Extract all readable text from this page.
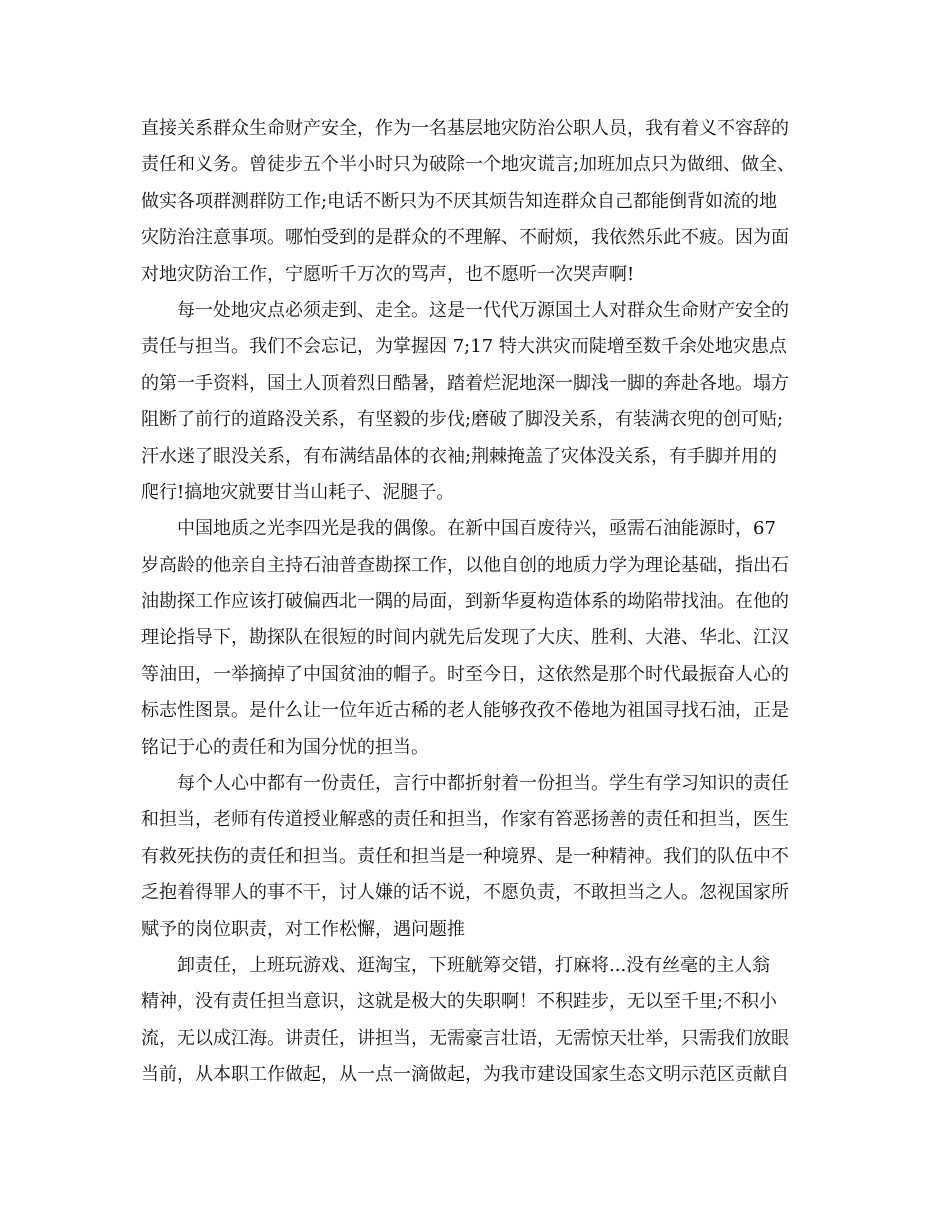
直接关系群众生命财产安全，作为一名基层地灾防治公职人员，我有着义不容辞的
责任和义务。曾徒步五个半小时只为破除一个地灾谎言;加班加点只为做细、做全、
做实各项群测群防工作;电话不断只为不厌其烦告知连群众自己都能倒背如流的地
灾防治注意事项。哪怕受到的是群众的不理解、不耐烦，我依然乐此不疲。因为面
对地灾防治工作，宁愿听千万次的骂声，也不愿听一次哭声啊!
每一处地灾点必须走到、走全。这是一代代万源国土人对群众生命财产安全的
责任与担当。我们不会忘记，为掌握因 7;17 特大洪灾而陡增至数千余处地灾患点
的第一手资料，国土人顶着烈日酷暑，踏着烂泥地深一脚浅一脚的奔赴各地。塌方
阻断了前行的道路没关系，有坚毅的步伐;磨破了脚没关系，有装满衣兜的创可贴;
汗水迷了眼没关系，有布满结晶体的衣袖;荆棘掩盖了灾体没关系，有手脚并用的
爬行!搞地灾就要甘当山耗子、泥腿子。
中国地质之光李四光是我的偶像。在新中国百废待兴，亟需石油能源时，67
岁高龄的他亲自主持石油普查勘探工作，以他自创的地质力学为理论基础，指出石
油勘探工作应该打破偏西北一隅的局面，到新华夏构造体系的坳陷带找油。在他的
理论指导下，勘探队在很短的时间内就先后发现了大庆、胜利、大港、华北、江汉
等油田，一举摘掉了中国贫油的帽子。时至今日，这依然是那个时代最振奋人心的
标志性图景。是什么让一位年近古稀的老人能够孜孜不倦地为祖国寻找石油，正是
铭记于心的责任和为国分忧的担当。
每个人心中都有一份责任，言行中都折射着一份担当。学生有学习知识的责任
和担当，老师有传道授业解惑的责任和担当，作家有笞恶扬善的责任和担当，医生
有救死扶伤的责任和担当。责任和担当是一种境界、是一种精神。我们的队伍中不
乏抱着得罪人的事不干，讨人嫌的话不说，不愿负责，不敢担当之人。忽视国家所
赋予的岗位职责，对工作松懈，遇问题推
卸责任，上班玩游戏、逛淘宝，下班觥筹交错，打麻将...没有丝毫的主人翁
精神，没有责任担当意识，这就是极大的失职啊！不积跬步，无以至千里;不积小
流，无以成江海。讲责任，讲担当，无需豪言壮语，无需惊天壮举，只需我们放眼
当前，从本职工作做起，从一点一滴做起，为我市建设国家生态文明示范区贡献自
